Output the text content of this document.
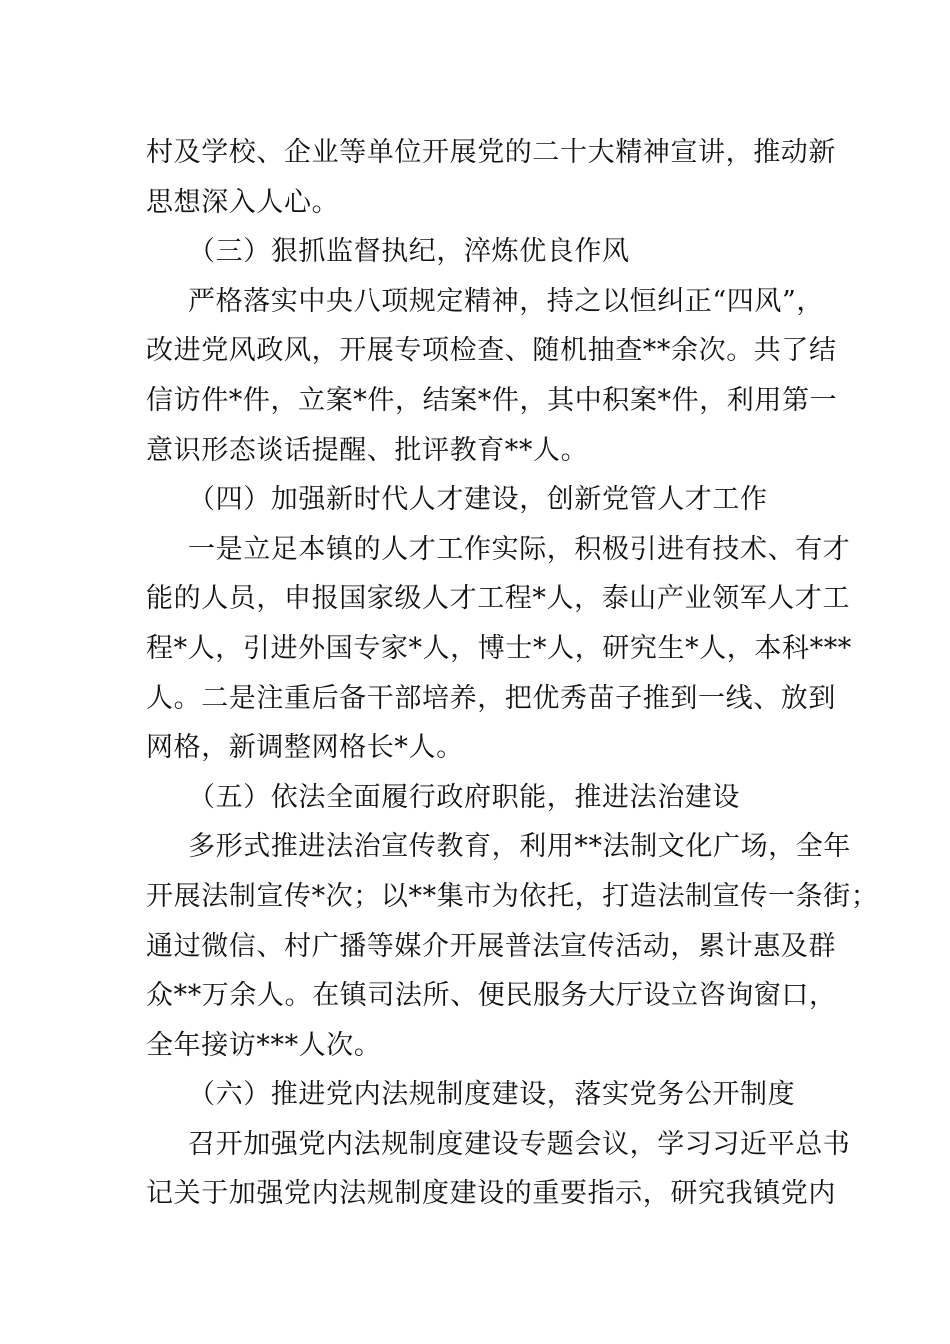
村及学校、企业等单位开展党的二十大精神宣讲，推动新
思想深入人心。
（三）狠抓监督执纪，淬炼优良作风
严格落实中央八项规定精神，持之以恒纠正“四风”，
改进党风政风，开展专项检查、随机抽查**余次。共了结
信访件*件，立案*件，结案*件，其中积案*件，利用第一
意识形态谈话提醒、批评教育**人。
（四）加强新时代人才建设，创新党管人才工作
一是立足本镇的人才工作实际，积极引进有技术、有才
能的人员，申报国家级人才工程*人，泰山产业领军人才工
程*人，引进外国专家*人，博士*人，研究生*人，本科***
人。二是注重后备干部培养，把优秀苗子推到一线、放到
网格，新调整网格长*人。
（五）依法全面履行政府职能，推进法治建设
多形式推进法治宣传教育，利用**法制文化广场，全年
开展法制宣传*次；以**集市为依托，打造法制宣传一条街；
通过微信、村广播等媒介开展普法宣传活动，累计惠及群
众**万余人。在镇司法所、便民服务大厅设立咨询窗口，
全年接访***人次。
（六）推进党内法规制度建设，落实党务公开制度
召开加强党内法规制度建设专题会议，学习习近平总书
记关于加强党内法规制度建设的重要指示，研究我镇党内
